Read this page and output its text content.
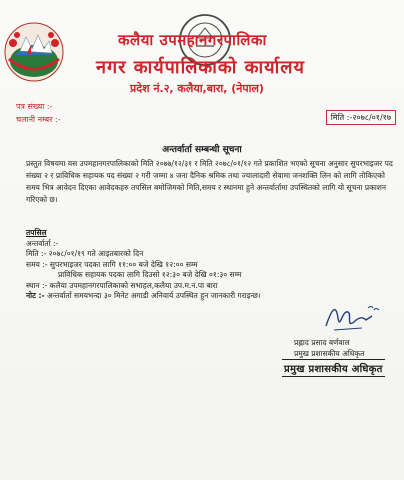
कलैया उपमहानगरपालिका
नगर कार्यपालिकाको कार्यालय
प्रदेश नं.२, कलैया,बारा, (नेपाल)
पत्र संख्या :-
चलानी नम्बर :-	मिति :-२०७८/०१/१७
अन्तर्वार्ता सम्बन्धी सूचना
प्रस्तुत विषयमा यस उपमहानगरपालिकाको मिति २०७७/१२/३१ र मिति २०७८/०१/१२ गते प्रकाशित भएको सूचना अनुसार सुपरभाइजर पद संख्या २ र प्राविधिक सहायक पद संख्या २ गरी जम्मा ४ जना दैनिक श्रमिक तथा ज्यालादारी सेवामा जनशक्ति लिन को लागि तोकिएको समय भित्र आवेदन दिएका आवेदकहरु तपसिल बमोजिमको मिति,समय र स्थानमा हुने अन्तर्वार्तामा उपस्थितको लागि यो सूचना प्रकाशन गरिएको छ।
तपसिल
अन्तर्वार्ता :-
मिति :- २०७८/०१/१९ गते आइतबारको दिन
समय :- सुपरभाइजर पदका लागि ११:०० बजे देखि १२:०० सम्म
प्राविधिक सहायक पदका लागि दिउसो १२:३० बजे देखि ०१:३० सम्म
स्थान :- कलैया उपमहानगरपालिकाको सभाहल,कलैया उप.म.न.पा बारा
नोट :- अन्तर्वार्ता समयभन्दा ३० मिनेट अगाडी अनिवार्य उपस्थित हुन जानकारी गराइन्छ।
प्रह्लाद प्रसाद बर्णवाल
प्रमुख प्रशासकीय अधिकृत
प्रमुख प्रशासकीय अधिकृत
